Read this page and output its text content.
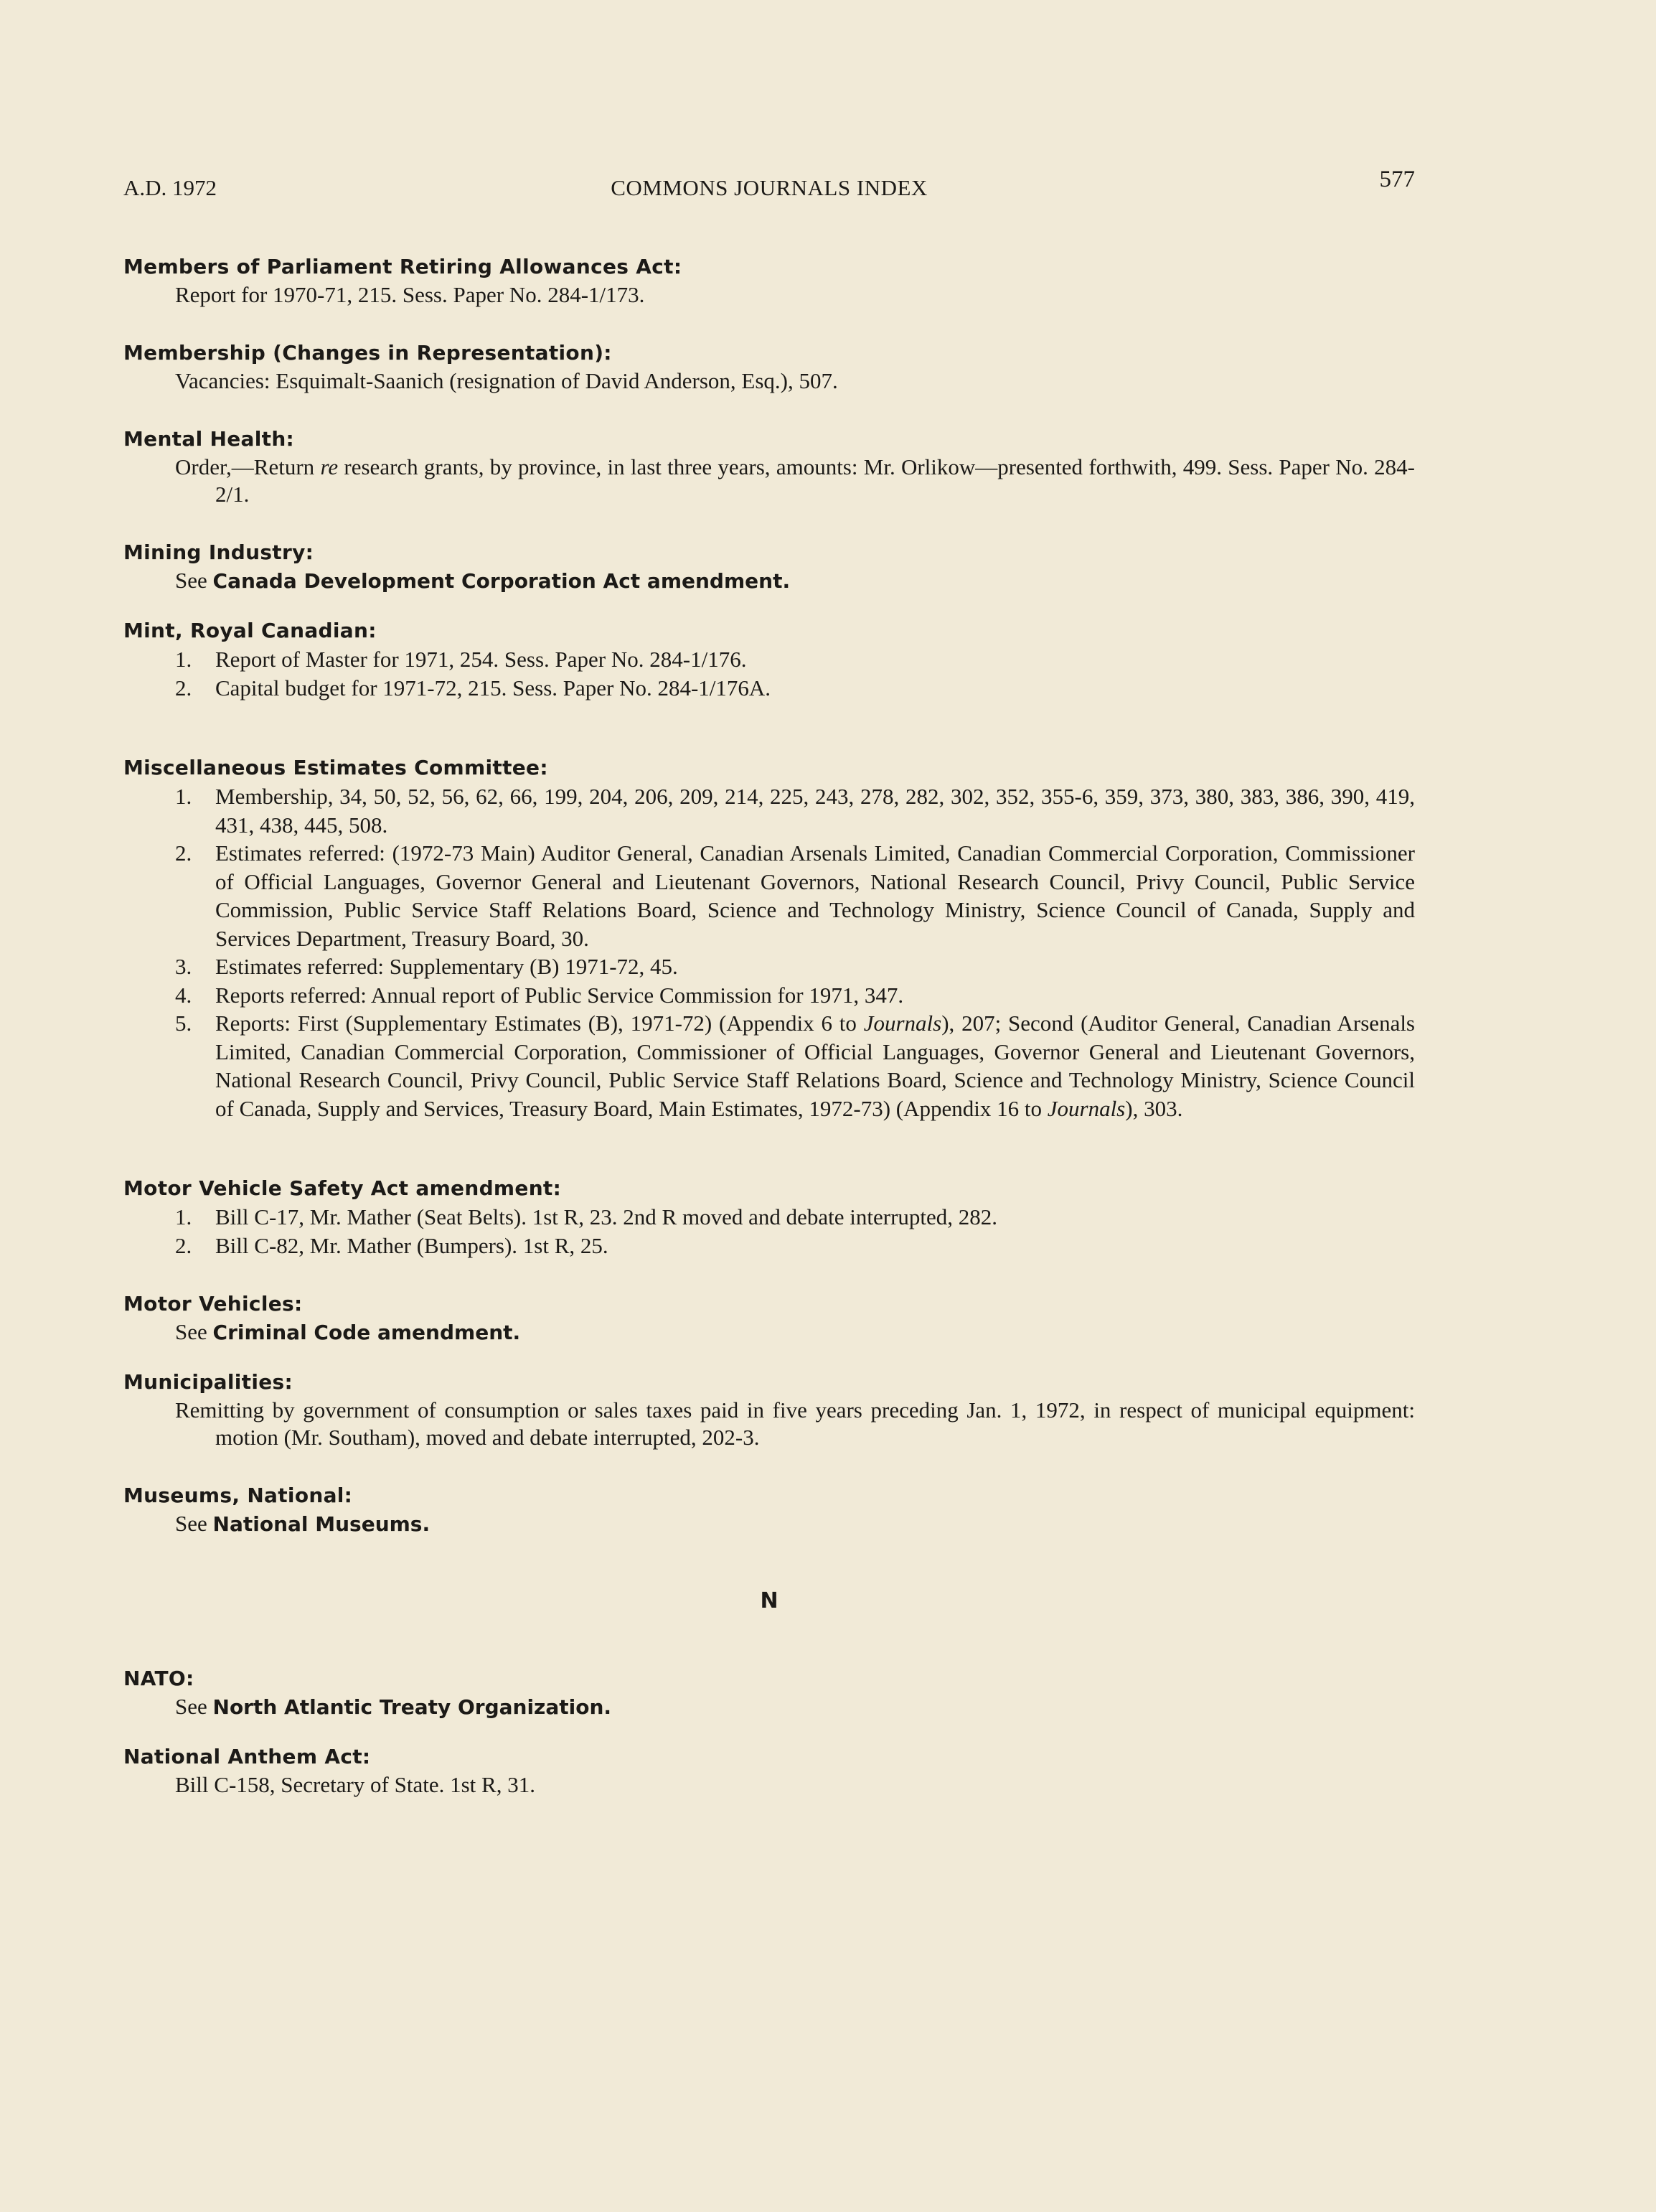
A.D. 1972	COMMONS JOURNALS INDEX	577

Members of Parliament Retiring Allowances Act:

Report for 1970-71, 215. Sess. Paper No. 284-1/173.

Membership (Changes in Representation):

Vacancies: Esquimalt-Saanich (resignation of David Anderson, Esq.), 507.

Mental Health:

Order,—Return re research grants, by province, in last three years, amounts: Mr. Orlikow—presented forthwith, 499. Sess. Paper No. 284-2/1.

Mining Industry:

See Canada Development Corporation Act amendment.

Mint, Royal Canadian:

1. Report of Master for 1971, 254. Sess. Paper No. 284-1/176.
2. Capital budget for 1971-72, 215. Sess. Paper No. 284-1/176A.

Miscellaneous Estimates Committee:

1. Membership, 34, 50, 52, 56, 62, 66, 199, 204, 206, 209, 214, 225, 243, 278, 282, 302, 352, 355-6, 359, 373, 380, 383, 386, 390, 419, 431, 438, 445, 508.
2. Estimates referred: (1972-73 Main) Auditor General, Canadian Arsenals Limited, Canadian Commercial Corporation, Commissioner of Official Languages, Governor General and Lieutenant Governors, National Research Council, Privy Council, Public Service Commission, Public Service Staff Relations Board, Science and Technology Ministry, Science Council of Canada, Supply and Services Department, Treasury Board, 30.
3. Estimates referred: Supplementary (B) 1971-72, 45.
4. Reports referred: Annual report of Public Service Commission for 1971, 347.
5. Reports: First (Supplementary Estimates (B), 1971-72) (Appendix 6 to Journals), 207; Second (Auditor General, Canadian Arsenals Limited, Canadian Commercial Corporation, Commissioner of Official Languages, Governor General and Lieutenant Governors, National Research Council, Privy Council, Public Service Staff Relations Board, Science and Technology Ministry, Science Council of Canada, Supply and Services, Treasury Board, Main Estimates, 1972-73) (Appendix 16 to Journals), 303.

Motor Vehicle Safety Act amendment:

1. Bill C-17, Mr. Mather (Seat Belts). 1st R, 23. 2nd R moved and debate interrupted, 282.
2. Bill C-82, Mr. Mather (Bumpers). 1st R, 25.

Motor Vehicles:

See Criminal Code amendment.

Municipalities:

Remitting by government of consumption or sales taxes paid in five years preceding Jan. 1, 1972, in respect of municipal equipment: motion (Mr. Southam), moved and debate interrupted, 202-3.

Museums, National:

See National Museums.

N

NATO:

See North Atlantic Treaty Organization.

National Anthem Act:

Bill C-158, Secretary of State. 1st R, 31.
